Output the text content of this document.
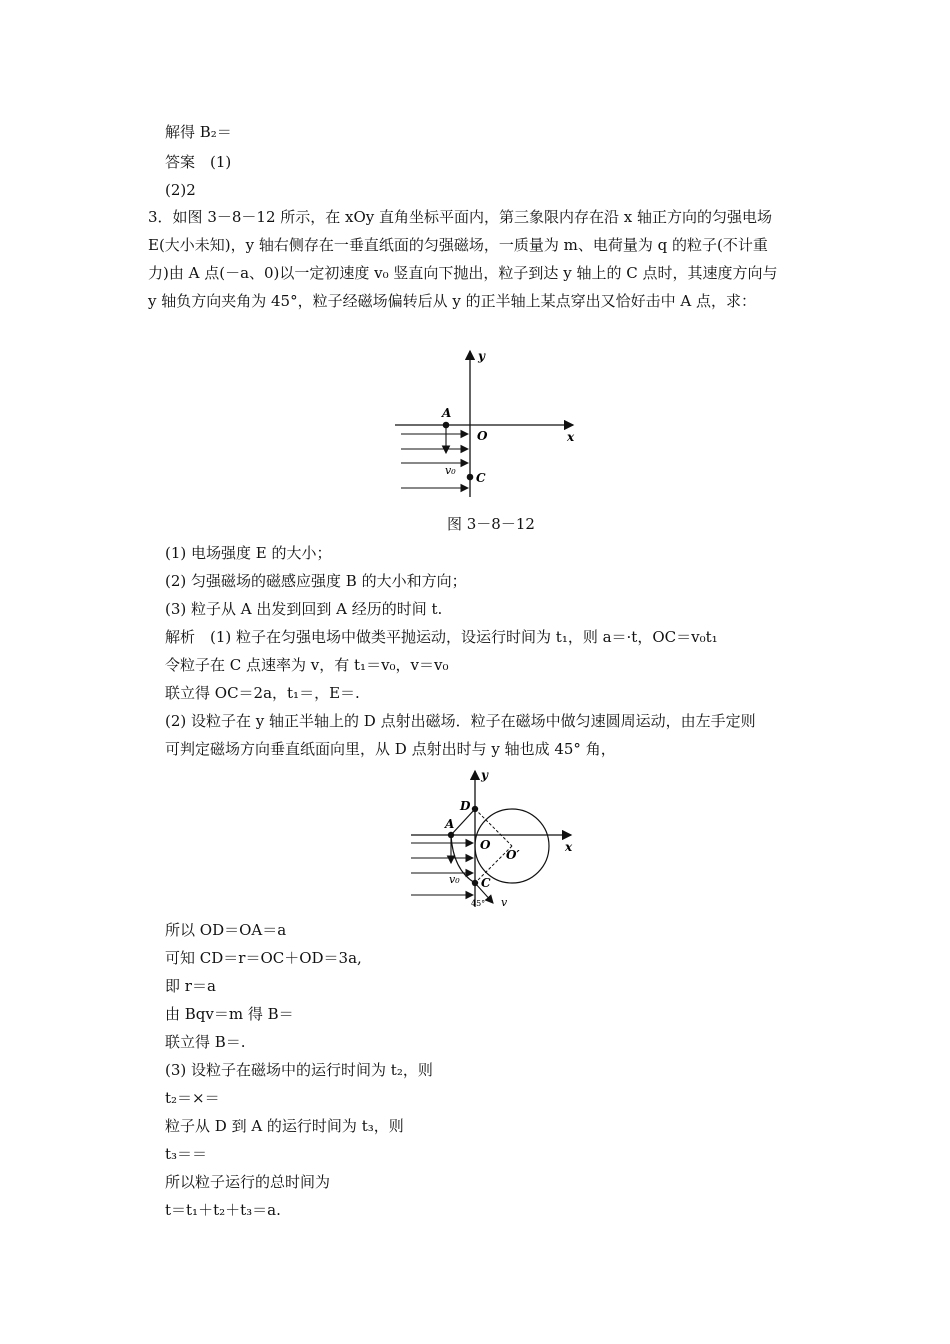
解得 B₂＝
答案　(1)
(2)2
3．如图 3－8－12 所示，在 xOy 直角坐标平面内，第三象限内存在沿 x 轴正方向的匀强电场 E(大小未知)，y 轴右侧存在一垂直纸面的匀强磁场，一质量为 m、电荷量为 q 的粒子(不计重力)由 A 点(－a、0)以一定初速度 v₀ 竖直向下抛出，粒子到达 y 轴上的 C 点时，其速度方向与 y 轴负方向夹角为 45°，粒子经磁场偏转后从 y 的正半轴上某点穿出又恰好击中 A 点，求：
y
x
A
O
v₀
C
图 3－8－12
(1) 电场强度 E 的大小；
(2) 匀强磁场的磁感应强度 B 的大小和方向；
(3) 粒子从 A 出发到回到 A 经历的时间 t.
解析　(1) 粒子在匀强电场中做类平抛运动，设运行时间为 t₁，则 a＝·t，OC＝v₀t₁
令粒子在 C 点速率为 v，有 t₁＝v₀，v＝v₀
联立得 OC＝2a，t₁＝，E＝.
(2) 设粒子在 y 轴正半轴上的 D 点射出磁场．粒子在磁场中做匀速圆周运动，由左手定则
可判定磁场方向垂直纸面向里，从 D 点射出时与 y 轴也成 45° 角，
y
x
D
A
O
O′
v₀ C
45° v
所以 OD＝OA＝a
可知 CD＝r＝OC＋OD＝3a,
即 r＝a
由 Bqv＝m 得 B＝
联立得 B＝.
(3) 设粒子在磁场中的运行时间为 t₂，则
t₂＝×＝
粒子从 D 到 A 的运行时间为 t₃，则
t₃＝＝
所以粒子运行的总时间为
t＝t₁＋t₂＋t₃＝a.
